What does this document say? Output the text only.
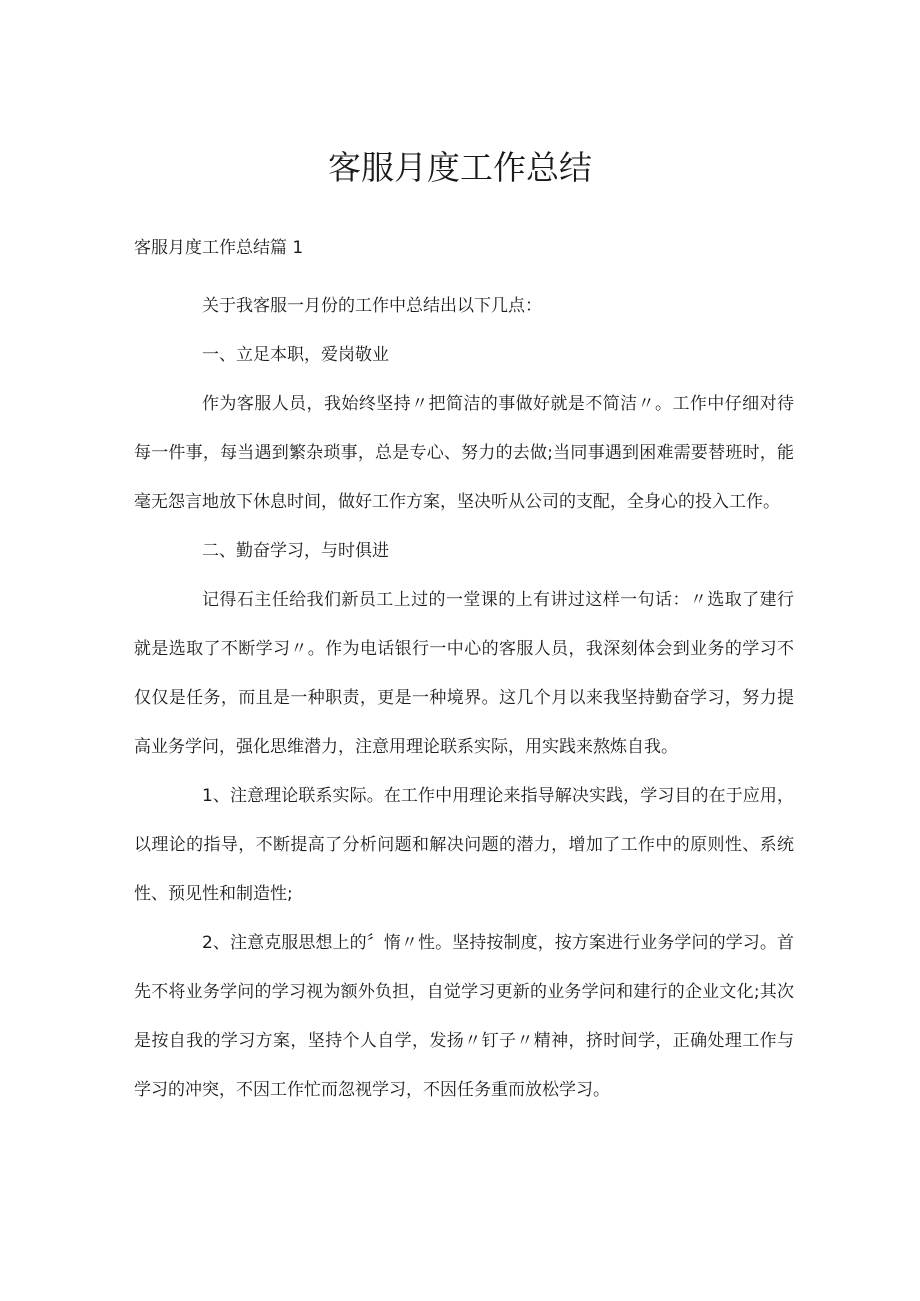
客服月度工作总结
客服月度工作总结篇 1

关于我客服一月份的工作中总结出以下几点：

一、立足本职，爱岗敬业

作为客服人员，我始终坚持〃把简洁的事做好就是不简洁〃。工作中仔细对待每一件事，每当遇到繁杂琐事，总是专心、努力的去做;当同事遇到困难需要替班时，能毫无怨言地放下休息时间，做好工作方案，坚决听从公司的支配，全身心的投入工作。

二、勤奋学习，与时俱进

记得石主任给我们新员工上过的一堂课的上有讲过这样一句话：〃选取了建行就是选取了不断学习〃。作为电话银行一中心的客服人员，我深刻体会到业务的学习不仅仅是任务，而且是一种职责，更是一种境界。这几个月以来我坚持勤奋学习，努力提高业务学问，强化思维潜力，注意用理论联系实际，用实践来熬炼自我。

1、注意理论联系实际。在工作中用理论来指导解决实践，学习目的在于应用，以理论的指导，不断提高了分析问题和解决问题的潜力，增加了工作中的原则性、系统性、预见性和制造性;

2、注意克服思想上的〞惰〃性。坚持按制度，按方案进行业务学问的学习。首先不将业务学问的学习视为额外负担，自觉学习更新的业务学问和建行的企业文化;其次是按自我的学习方案，坚持个人自学，发扬〃钉子〃精神，挤时间学，正确处理工作与学习的冲突，不因工作忙而忽视学习，不因任务重而放松学习。
